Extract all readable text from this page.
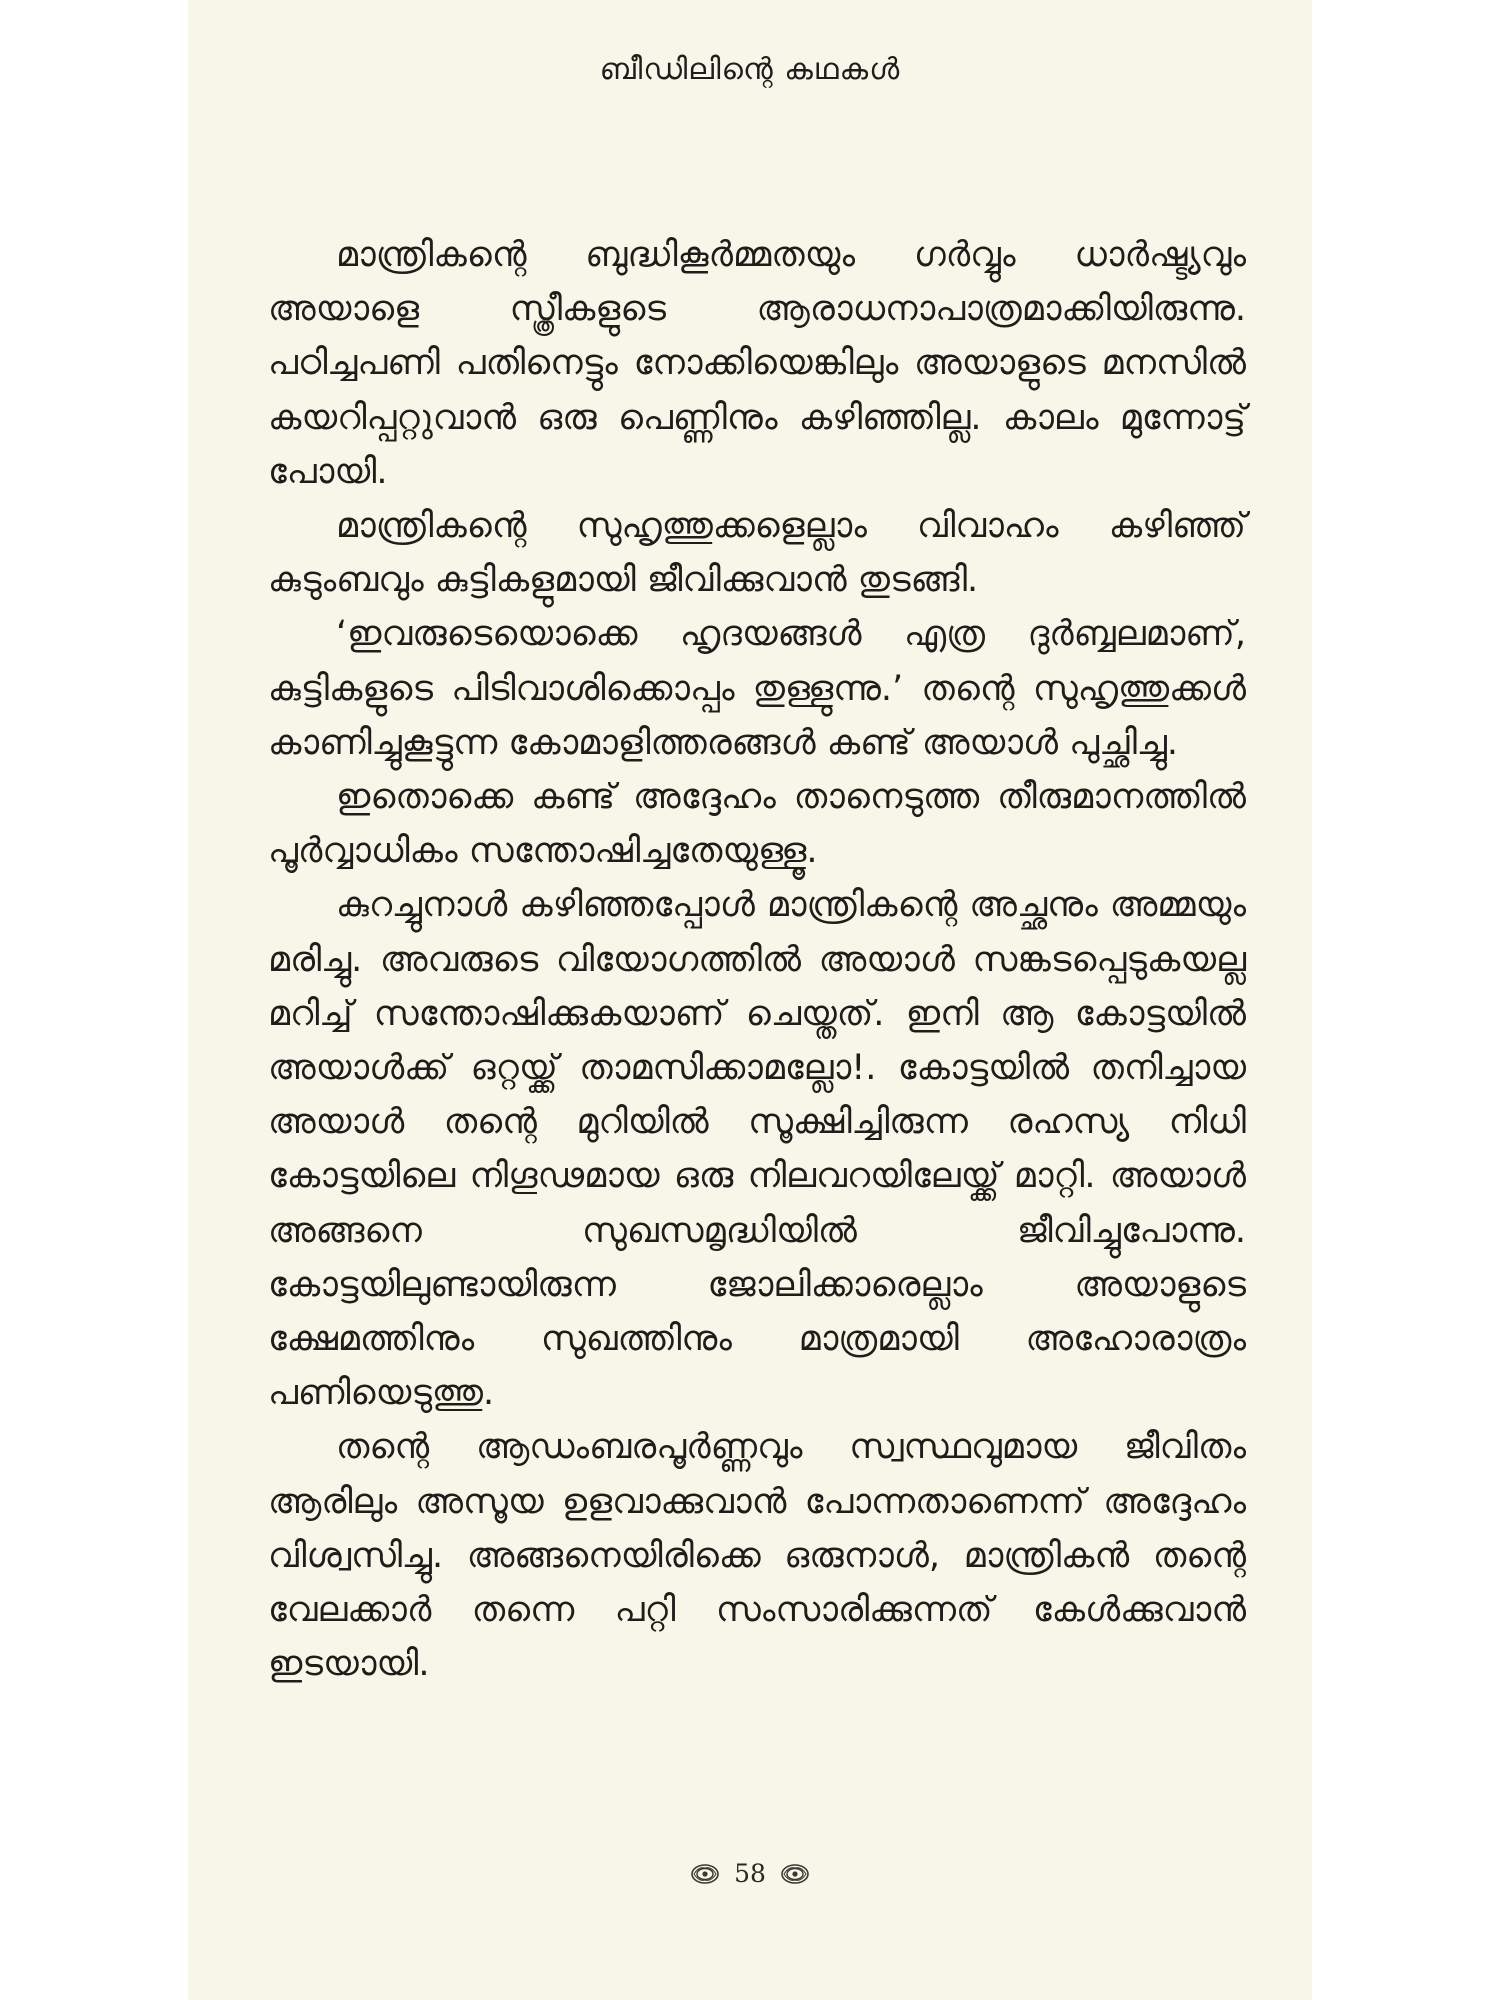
ബീഡിലിന്റെ കഥകൾ

മാന്ത്രികന്റെ ബുദ്ധികൂർമ്മതയും ഗർവ്വും ധാർഷ്ട്യവും അയാളെ സ്ത്രീകളുടെ ആരാധനാപാത്രമാക്കിയിരുന്നു. പഠിച്ചപണി പതിനെട്ടും നോക്കിയെങ്കിലും അയാളുടെ മനസിൽ കയറിപ്പറ്റുവാൻ ഒരു പെണ്ണിനും കഴിഞ്ഞില്ല. കാലം മുന്നോട്ട് പോയി.

മാന്ത്രികന്റെ സുഹൃത്തുക്കളെല്ലാം വിവാഹം കഴിഞ്ഞ് കുടുംബവും കുട്ടികളുമായി ജീവിക്കുവാൻ തുടങ്ങി.

‘ഇവരുടെയൊക്കെ ഹൃദയങ്ങൾ എത്ര ദുർബ്ബലമാണ്, കുട്ടികളുടെ പിടിവാശിക്കൊപ്പം തുള്ളുന്നു.’ തന്റെ സുഹൃത്തുക്കൾ കാണിച്ചുകൂട്ടുന്ന കോമാളിത്തരങ്ങൾ കണ്ട് അയാൾ പുച്ഛിച്ചു.

ഇതൊക്കെ കണ്ട് അദ്ദേഹം താനെടുത്ത തീരുമാനത്തിൽ പൂർവ്വാധികം സന്തോഷിച്ചതേയുള്ളൂ.

കുറച്ചുനാൾ കഴിഞ്ഞപ്പോൾ മാന്ത്രികന്റെ അച്ഛനും അമ്മയും മരിച്ചു. അവരുടെ വിയോഗത്തിൽ അയാൾ സങ്കടപ്പെടുകയല്ല മറിച്ച് സന്തോഷിക്കുകയാണ് ചെയ്തത്. ഇനി ആ കോട്ടയിൽ അയാൾക്ക് ഒറ്റയ്ക്ക് താമസിക്കാമല്ലോ!. കോട്ടയിൽ തനിച്ചായ അയാൾ തന്റെ മുറിയിൽ സൂക്ഷിച്ചിരുന്ന രഹസ്യ നിധി കോട്ടയിലെ നിഗൂഢമായ ഒരു നിലവറയിലേയ്ക്ക് മാറ്റി. അയാൾ അങ്ങനെ സുഖസമൃദ്ധിയിൽ ജീവിച്ചുപോന്നു. കോട്ടയിലുണ്ടായിരുന്ന ജോലിക്കാരെല്ലാം അയാളുടെ ക്ഷേമത്തിനും സുഖത്തിനും മാത്രമായി അഹോരാത്രം പണിയെടുത്തു.

തന്റെ ആഡംബരപൂർണ്ണവും സ്വസ്ഥവുമായ ജീവിതം ആരിലും അസൂയ ഉളവാക്കുവാൻ പോന്നതാണെന്ന് അദ്ദേഹം വിശ്വസിച്ചു. അങ്ങനെയിരിക്കെ ഒരുനാൾ, മാന്ത്രികൻ തന്റെ വേലക്കാർ തന്നെ പറ്റി സംസാരിക്കുന്നത് കേൾക്കുവാൻ ഇടയായി.

58
